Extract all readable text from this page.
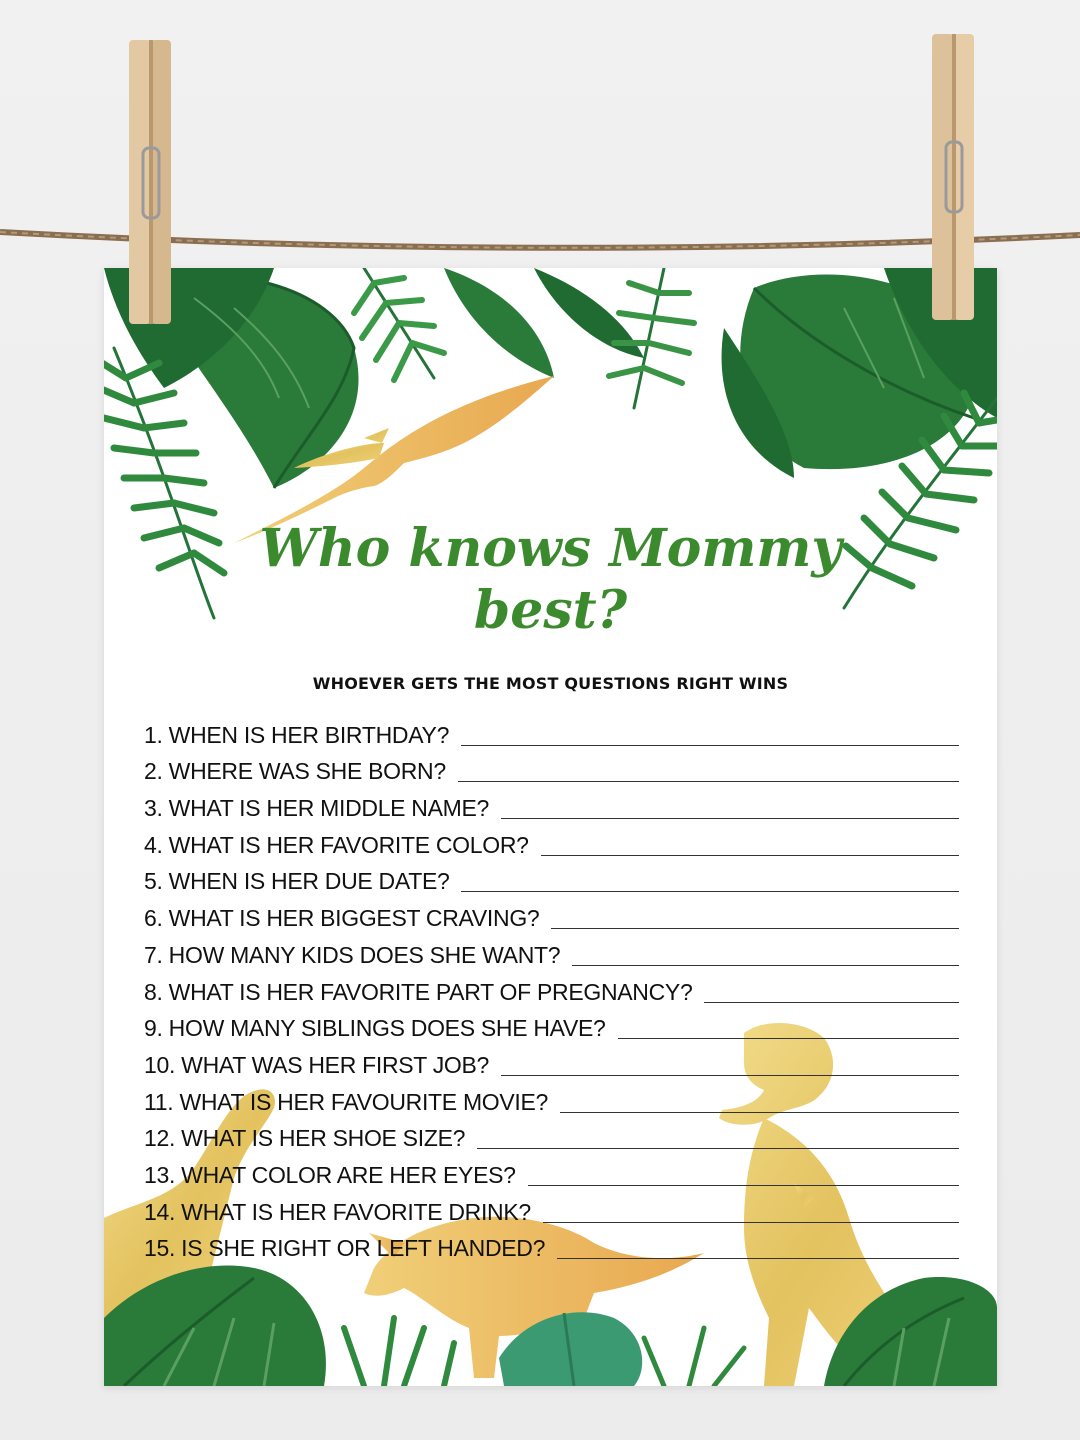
Who knows Mommy
best?
WHOEVER GETS THE MOST QUESTIONS RIGHT WINS
1. WHEN IS HER BIRTHDAY?
2. WHERE WAS SHE BORN?
3. WHAT IS HER MIDDLE NAME?
4. WHAT IS HER FAVORITE COLOR?
5. WHEN IS HER DUE DATE?
6. WHAT IS HER BIGGEST CRAVING?
7. HOW MANY KIDS DOES SHE WANT?
8. WHAT IS HER FAVORITE PART OF PREGNANCY?
9. HOW MANY SIBLINGS DOES SHE HAVE?
10. WHAT WAS HER FIRST JOB?
11. WHAT IS HER FAVOURITE MOVIE?
12. WHAT IS HER SHOE SIZE?
13. WHAT COLOR ARE HER EYES?
14. WHAT IS HER FAVORITE DRINK?
15. IS SHE RIGHT OR LEFT HANDED?
